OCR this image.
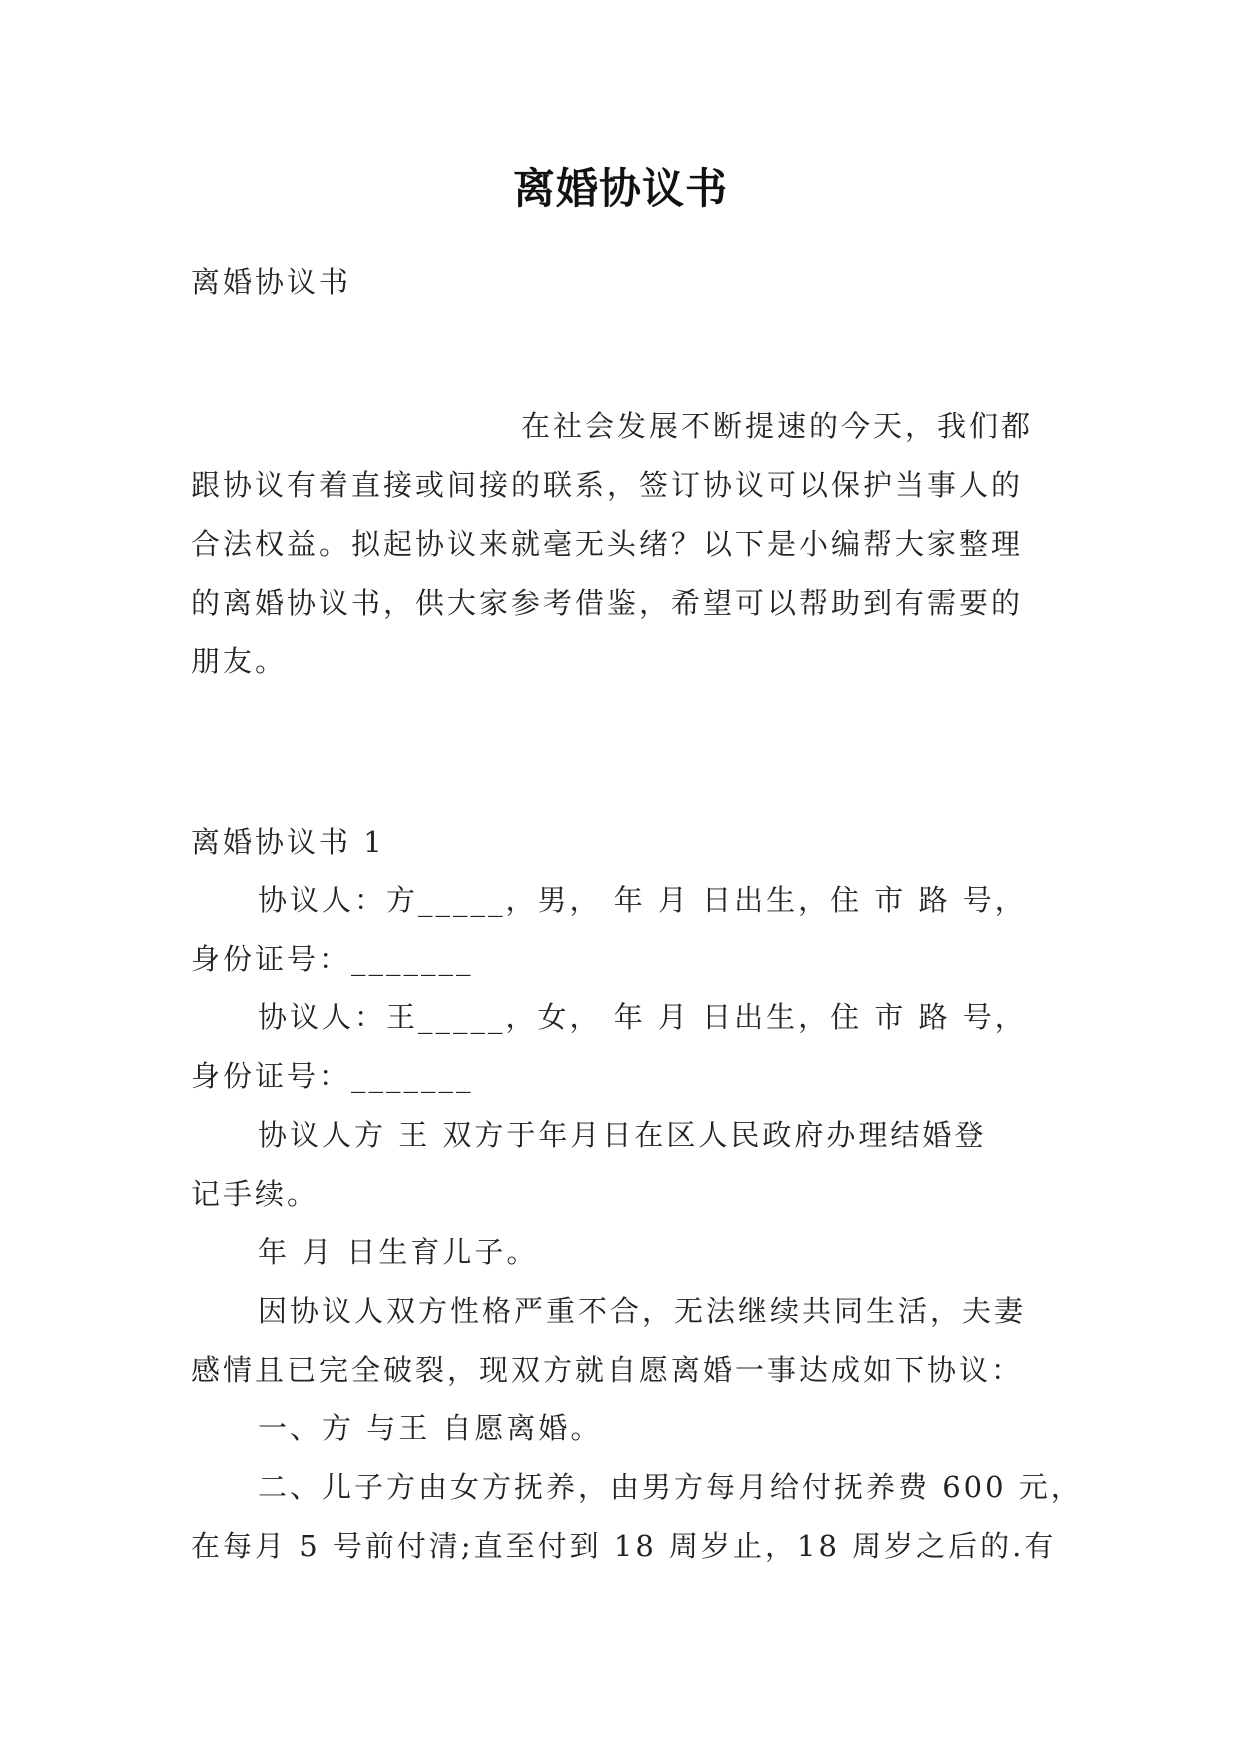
离婚协议书

离婚协议书

在社会发展不断提速的今天，我们都

跟协议有着直接或间接的联系，签订协议可以保护当事人的

合法权益。拟起协议来就毫无头绪？以下是小编帮大家整理

的离婚协议书，供大家参考借鉴，希望可以帮助到有需要的

朋友。

离婚协议书 1

协议人：方_____，男， 年 月 日出生，住 市 路 号，

身份证号：_______

协议人：王_____，女， 年 月 日出生，住 市 路 号，

身份证号：_______

协议人方 王 双方于年月日在区人民政府办理结婚登

记手续。

年 月 日生育儿子。

因协议人双方性格严重不合，无法继续共同生活，夫妻

感情且已完全破裂，现双方就自愿离婚一事达成如下协议：

一、方 与王 自愿离婚。

二、儿子方由女方抚养，由男方每月给付抚养费 600 元，

在每月 5 号前付清;直至付到 18 周岁止，18 周岁之后的.有
